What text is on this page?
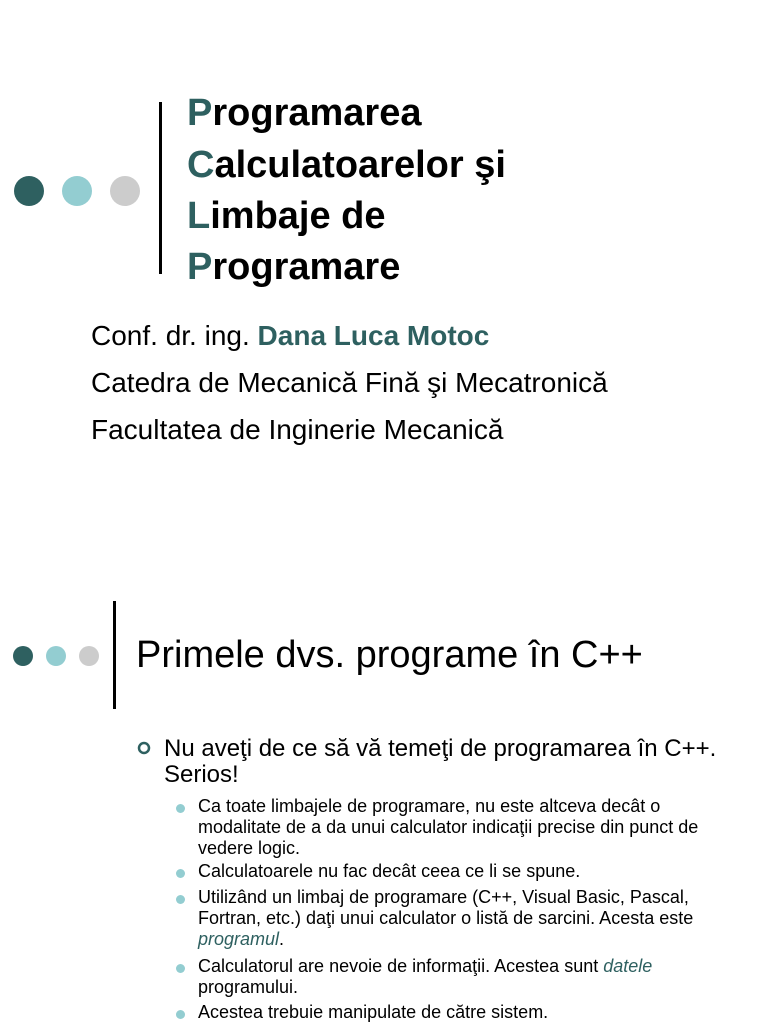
Programarea
Calculatoarelor şi
Limbaje de
Programare
Conf. dr. ing. Dana Luca Motoc
Catedra de Mecanică Fină şi Mecatronică
Facultatea de Inginerie Mecanică
Primele dvs. programe în C++
Nu aveţi de ce să vă temeţi de programarea în C++. Serios!
Ca toate limbajele de programare, nu este altceva decât o modalitate de a da unui calculator indicaţii precise din punct de vedere logic.
Calculatoarele nu fac decât ceea ce li se spune.
Utilizând un limbaj de programare (C++, Visual Basic, Pascal, Fortran, etc.) daţi unui calculator o listă de sarcini. Acesta este programul.
Calculatorul are nevoie de informaţii. Acestea sunt datele programului.
Acestea trebuie manipulate de către sistem.
